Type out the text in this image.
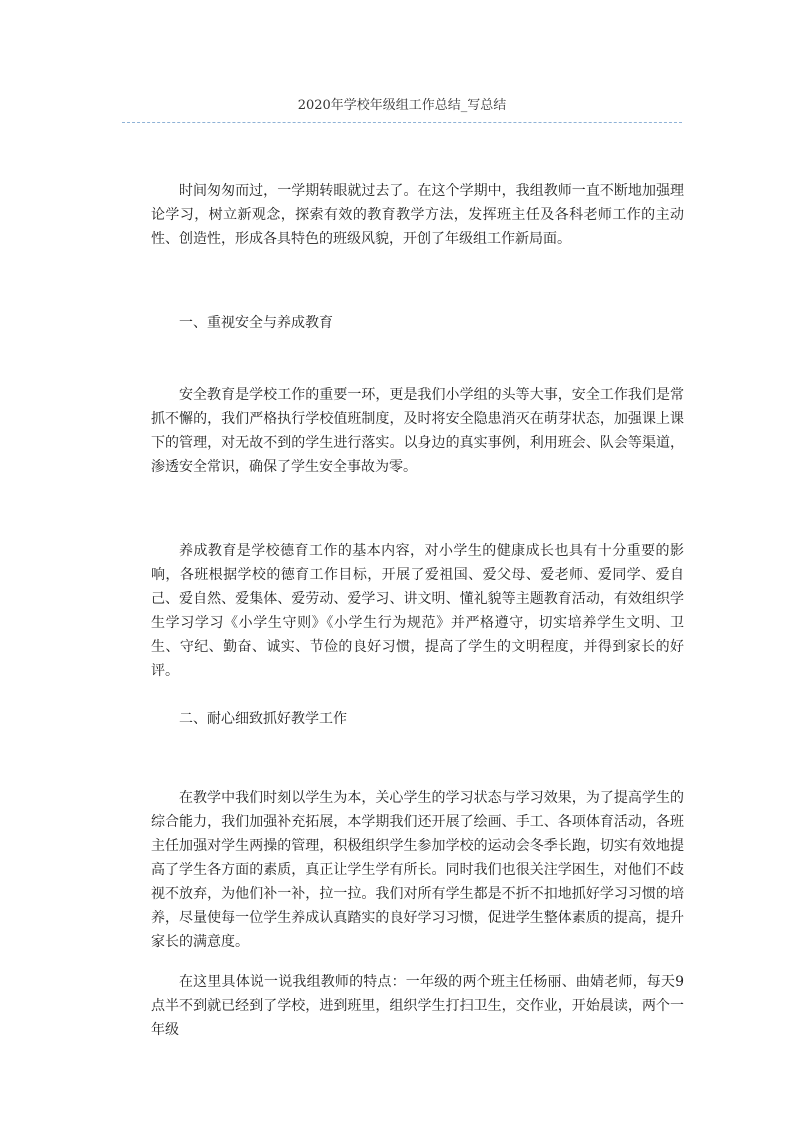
2020年学校年级组工作总结_写总结

时间匆匆而过，一学期转眼就过去了。在这个学期中，我组教师一直不断地加强理论学习，树立新观念，探索有效的教育教学方法，发挥班主任及各科老师工作的主动性、创造性，形成各具特色的班级风貌，开创了年级组工作新局面。

一、重视安全与养成教育

安全教育是学校工作的重要一环，更是我们小学组的头等大事，安全工作我们是常抓不懈的，我们严格执行学校值班制度，及时将安全隐患消灭在萌芽状态，加强课上课下的管理，对无故不到的学生进行落实。以身边的真实事例，利用班会、队会等渠道，渗透安全常识，确保了学生安全事故为零。

养成教育是学校德育工作的基本内容，对小学生的健康成长也具有十分重要的影响，各班根据学校的德育工作目标，开展了爱祖国、爱父母、爱老师、爱同学、爱自己、爱自然、爱集体、爱劳动、爱学习、讲文明、懂礼貌等主题教育活动，有效组织学生学习学习《小学生守则》《小学生行为规范》并严格遵守，切实培养学生文明、卫生、守纪、勤奋、诚实、节俭的良好习惯，提高了学生的文明程度，并得到家长的好评。

二、耐心细致抓好教学工作

在教学中我们时刻以学生为本，关心学生的学习状态与学习效果，为了提高学生的综合能力，我们加强补充拓展，本学期我们还开展了绘画、手工、各项体育活动，各班主任加强对学生两操的管理，积极组织学生参加学校的运动会冬季长跑，切实有效地提高了学生各方面的素质，真正让学生学有所长。同时我们也很关注学困生，对他们不歧视不放弃，为他们补一补，拉一拉。我们对所有学生都是不折不扣地抓好学习习惯的培养，尽量使每一位学生养成认真踏实的良好学习习惯，促进学生整体素质的提高，提升家长的满意度。

在这里具体说一说我组教师的特点：一年级的两个班主任杨丽、曲婧老师，每天9点半不到就已经到了学校，进到班里，组织学生打扫卫生，交作业，开始晨读，两个一年级
